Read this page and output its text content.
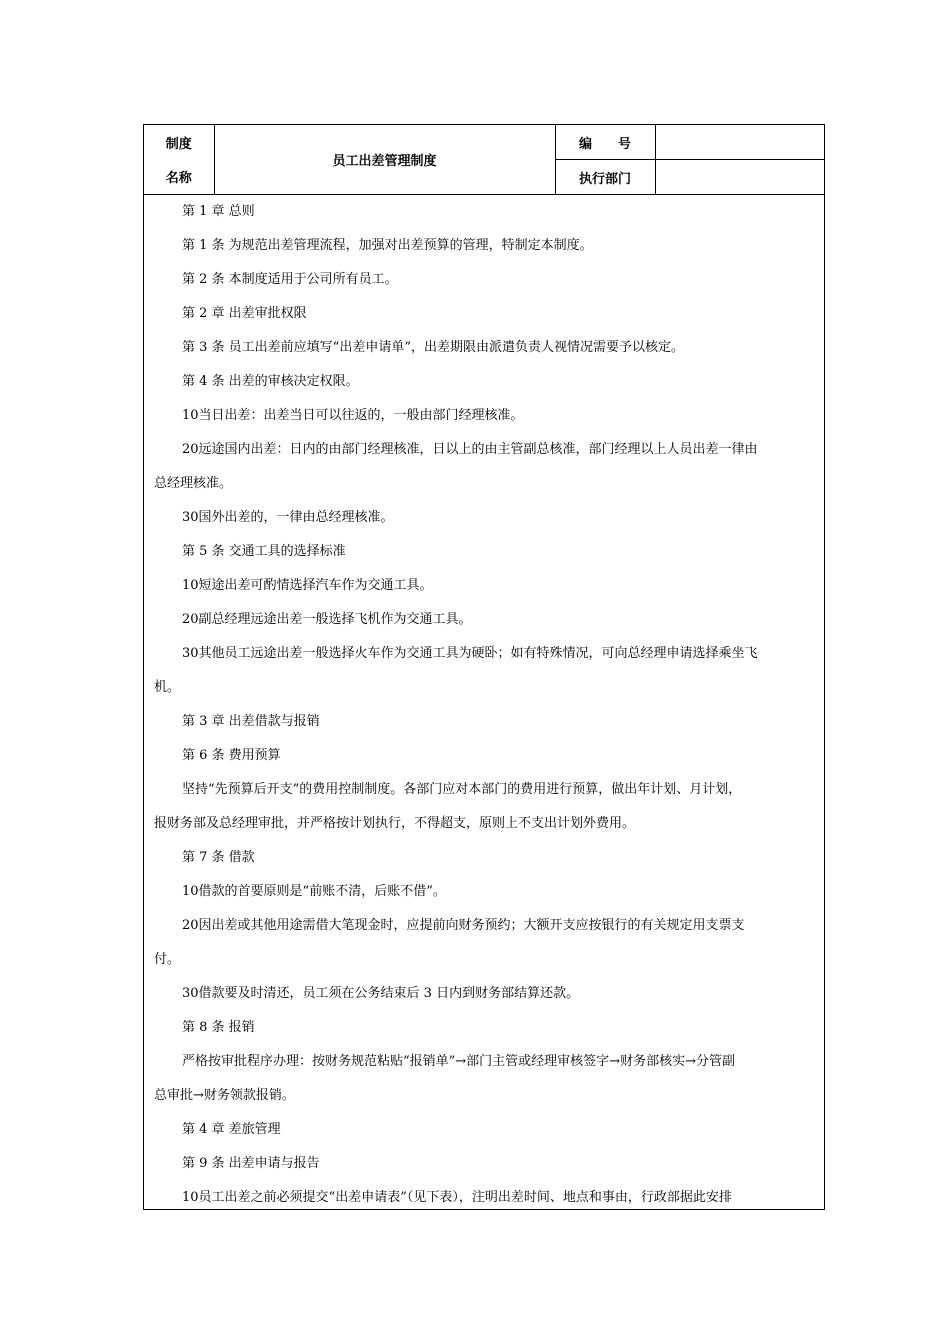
制度	员工出差管理制度	编　　号	
名称		执行部门	

第 1 章 总则

第 1 条 为规范出差管理流程，加强对出差预算的管理，特制定本制度。

第 2 条 本制度适用于公司所有员工。

第 2 章 出差审批权限

第 3 条 员工出差前应填写“出差申请单”，出差期限由派遣负责人视情况需要予以核定。

第 4 条 出差的审核决定权限。

10当日出差：出差当日可以往返的，一般由部门经理核准。

20远途国内出差：日内的由部门经理核准，日以上的由主管副总核准，部门经理以上人员出差一律由

总经理核准。

30国外出差的，一律由总经理核准。

第 5 条 交通工具的选择标准

10短途出差可酌情选择汽车作为交通工具。

20副总经理远途出差一般选择飞机作为交通工具。

30其他员工远途出差一般选择火车作为交通工具为硬卧；如有特殊情况，可向总经理申请选择乘坐飞

机。

第 3 章 出差借款与报销

第 6 条 费用预算

坚持“先预算后开支”的费用控制制度。各部门应对本部门的费用进行预算，做出年计划、月计划，

报财务部及总经理审批，并严格按计划执行，不得超支，原则上不支出计划外费用。

第 7 条 借款

10借款的首要原则是“前账不清，后账不借”。

20因出差或其他用途需借大笔现金时，应提前向财务预约；大额开支应按银行的有关规定用支票支

付。

30借款要及时清还，员工须在公务结束后 3 日内到财务部结算还款。

第 8 条 报销

严格按审批程序办理：按财务规范粘贴“报销单”→部门主管或经理审核签字→财务部核实→分管副

总审批→财务领款报销。

第 4 章 差旅管理

第 9 条 出差申请与报告

10员工出差之前必须提交“出差申请表”（见下表），注明出差时间、地点和事由，行政部据此安排
